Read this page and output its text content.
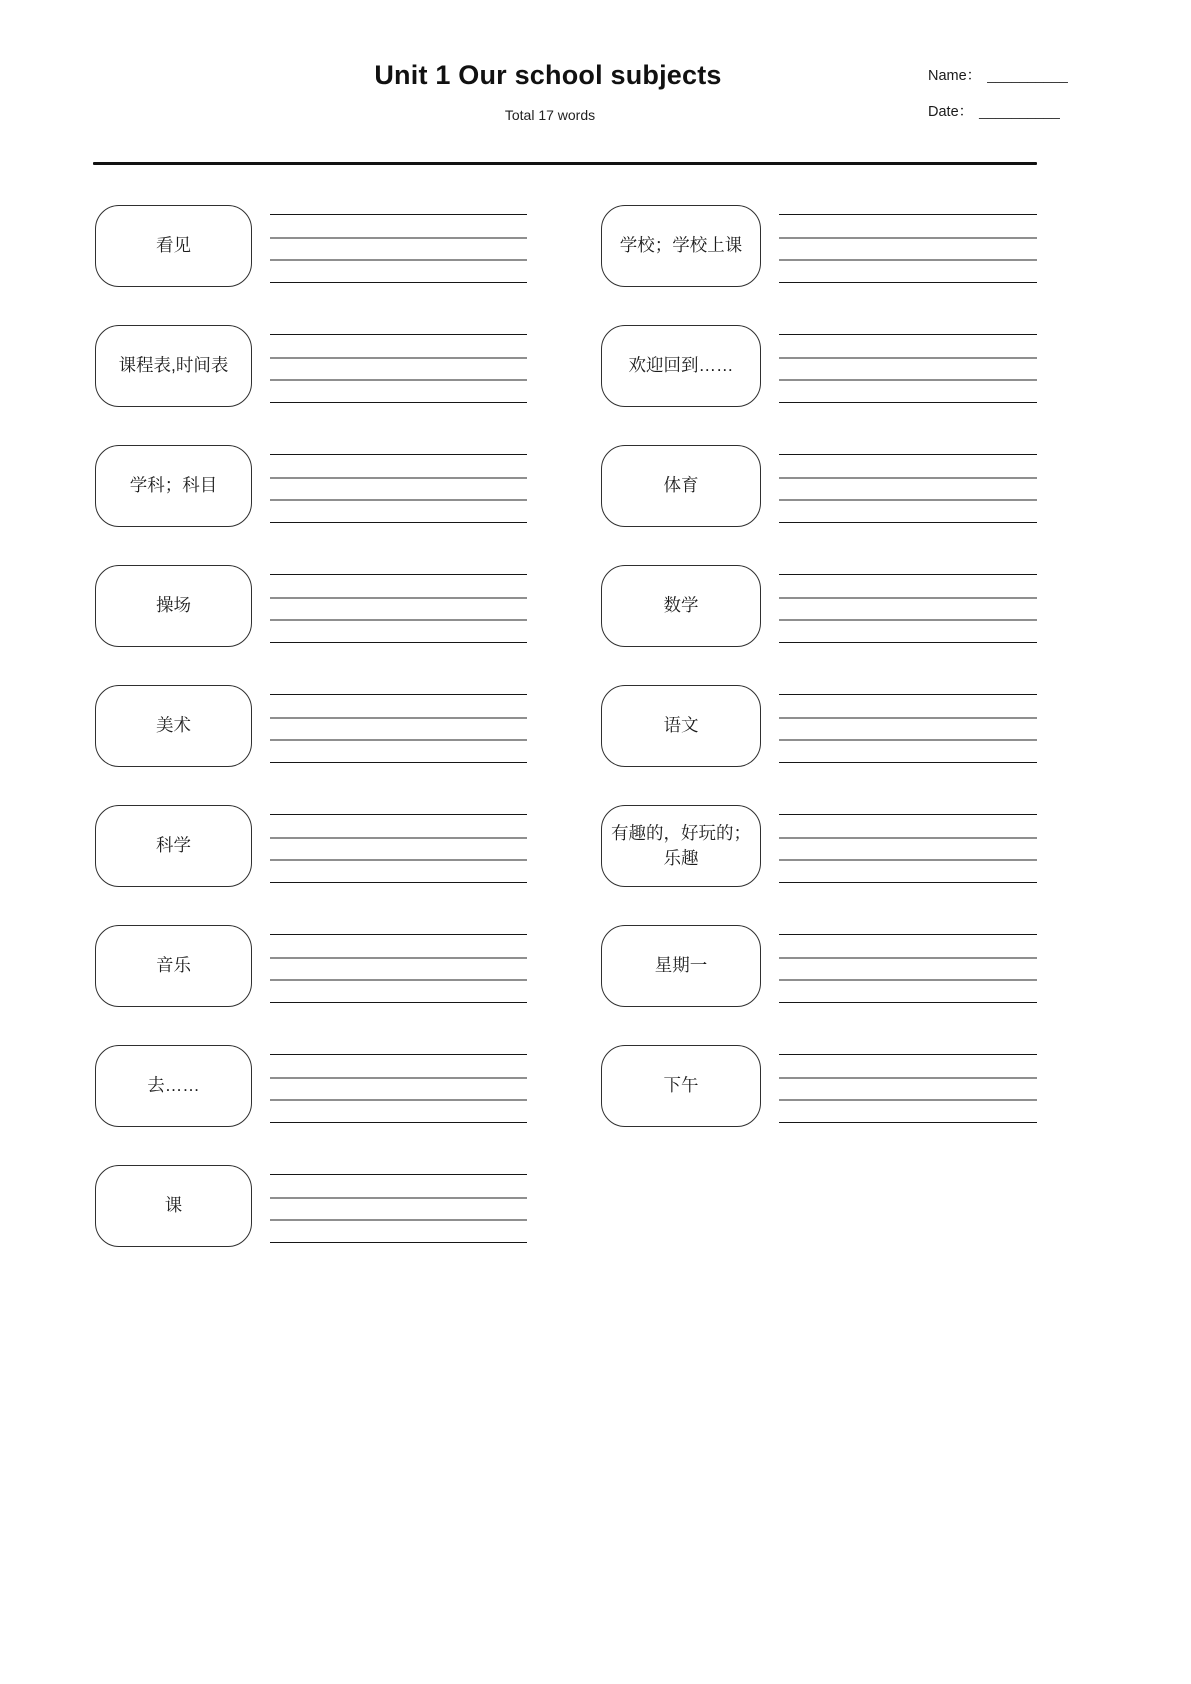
Unit 1 Our school subjects
Total 17 words
Name： __________
Date： __________
看见
课程表,时间表
学科；科目
操场
美术
科学
音乐
去……
课
学校；学校上课
欢迎回到……
体育
数学
语文
有趣的，好玩的；乐趣
星期一
下午
